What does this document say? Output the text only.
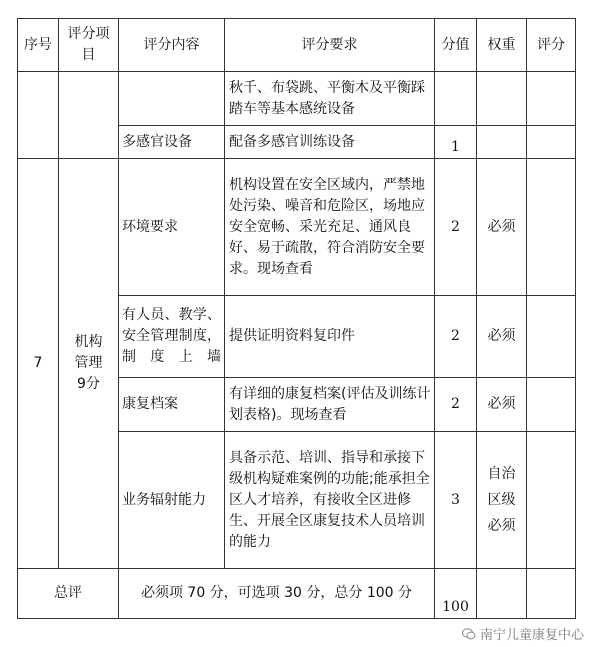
序号	评分项目	评分内容	评分要求	分值	权重	评分
			秋千、布袋跳、平衡木及平衡踩踏车等基本感统设备			
		多感官设备	配备多感官训练设备	1		
7	机构管理9分	环境要求	机构设置在安全区域内，严禁地处污染、噪音和危险区，场地应安全宽畅、采光充足、通风良好、易于疏散，符合消防安全要求。现场查看	2	必须	
		有人员、教学、安全管理制度，制度上墙	提供证明资料复印件	2	必须	
		康复档案	有详细的康复档案(评估及训练计划表格)。现场查看	2	必须	
		业务辐射能力	具备示范、培训、指导和承接下级机构疑难案例的功能;能承担全区人才培养，有接收全区进修生、开展全区康复技术人员培训的能力	3	自治区级必须	
总评		必须项 70 分，可选项 30 分，总分 100 分		100		
南宁儿童康复中心
